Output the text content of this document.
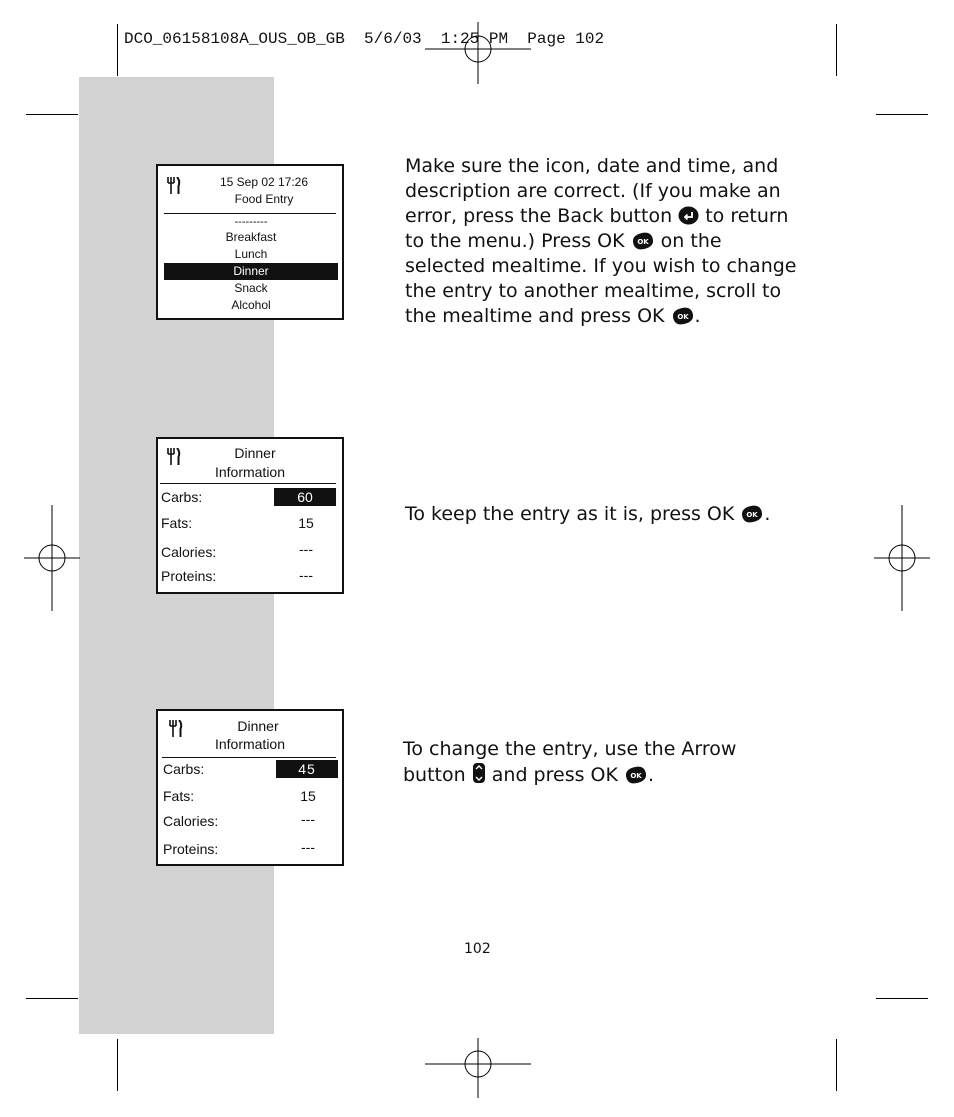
DCO_06158108A_OUS_OB_GB  5/6/03  1:25 PM  Page 102
15 Sep 02 17:26
Food Entry
---------
Breakfast
Lunch
Dinner
Snack
Alcohol
Dinner
Information
Carbs:	60
Fats:	15
Calories:	---
Proteins:	---
Dinner
Information
Carbs:	45
Fats:	15
Calories:	---
Proteins:	---
Make sure the icon, date and time, and description are correct. (If you make an error, press the Back button to return to the menu.) Press OK OK on the selected mealtime. If you wish to change the entry to another mealtime, scroll to the mealtime and press OK OK .
To keep the entry as it is, press OK OK .
To change the entry, use the Arrow button and press OK OK .
102
